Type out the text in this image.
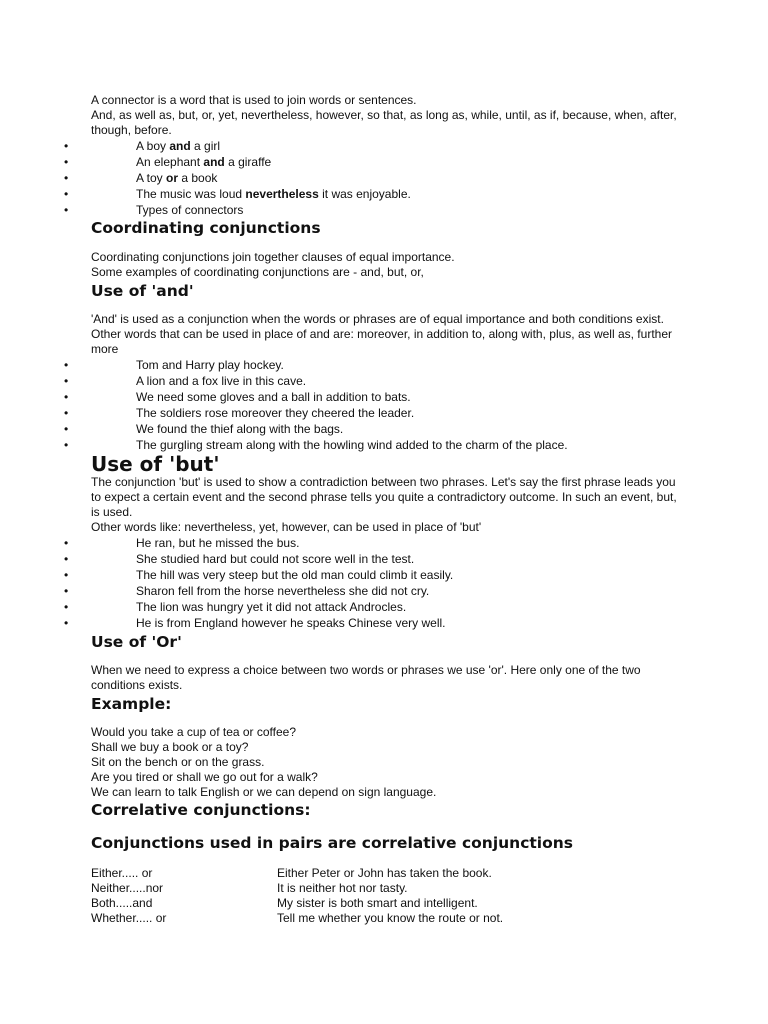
A connector is a word that is used to join words or sentences.
And, as well as, but, or, yet, nevertheless, however, so that, as long as, while, until, as if, because, when, after, though, before.
•	A boy and a girl
•	An elephant and a giraffe
•	A toy or a book
•	The music was loud nevertheless it was enjoyable.
•	Types of connectors
Coordinating conjunctions
Coordinating conjunctions join together clauses of equal importance.
Some examples of coordinating conjunctions are - and, but, or,
Use of 'and'
'And' is used as a conjunction when the words or phrases are of equal importance and both conditions exist. Other words that can be used in place of and are: moreover, in addition to, along with, plus, as well as, further more
•	Tom and Harry play hockey.
•	A lion and a fox live in this cave.
•	We need some gloves and a ball in addition to bats.
•	The soldiers rose moreover they cheered the leader.
•	We found the thief along with the bags.
•	The gurgling stream along with the howling wind added to the charm of the place.
Use of 'but'
The conjunction 'but' is used to show a contradiction between two phrases. Let's say the first phrase leads you to expect a certain event and the second phrase tells you quite a contradictory outcome. In such an event, but, is used.
Other words like: nevertheless, yet, however, can be used in place of 'but'
•	He ran, but he missed the bus.
•	She studied hard but could not score well in the test.
•	The hill was very steep but the old man could climb it easily.
•	Sharon fell from the horse nevertheless she did not cry.
•	The lion was hungry yet it did not attack Androcles.
•	He is from England however he speaks Chinese very well.
Use of 'Or'
When we need to express a choice between two words or phrases we use 'or'. Here only one of the two conditions exists.
Example:
Would you take a cup of tea or coffee?
Shall we buy a book or a toy?
Sit on the bench or on the grass.
Are you tired or shall we go out for a walk?
We can learn to talk English or we can depend on sign language.
Correlative conjunctions:
Conjunctions used in pairs are correlative conjunctions
Either..... or	Either Peter or John has taken the book.
Neither.....nor	It is neither hot nor tasty.
Both.....and	My sister is both smart and intelligent.
Whether..... or	Tell me whether you know the route or not.
